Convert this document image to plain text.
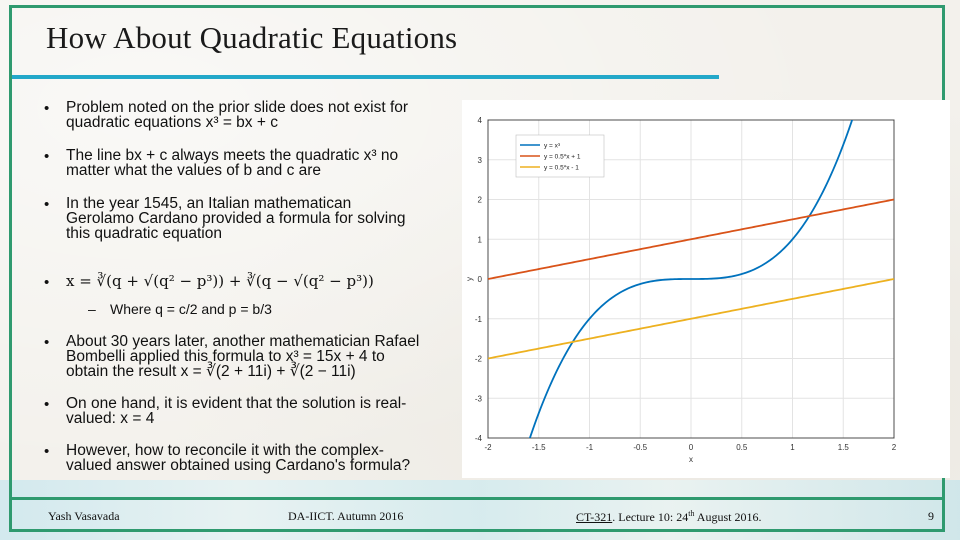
How About Quadratic Equations
• Problem noted on the prior slide does not exist for
quadratic equations x³ = bx + c
• The line bx + c always meets the quadratic x³ no
matter what the values of b and c are
• In the year 1545, an Italian mathematican
Gerolamo Cardano provided a formula for solving
this quadratic equation
• x = ∛(q + √(q² − p³)) + ∛(q − √(q² − p³))
– Where q = c/2 and p = b/3
• About 30 years later, another mathematician Rafael
Bombelli applied this formula to x³ = 15x + 4 to
obtain the result x = ∛(2 + 11i) + ∛(2 − 11i)
• On one hand, it is evident that the solution is real-
valued: x = 4
• However, how to reconcile it with the complex-
valued answer obtained using Cardano's formula?
-2	-1.5	-1	-0.5	0	0.5	1	1.5	2
-4
-3
-2
-1
0
1
2
3
4
x
y
y = x³
y = 0.5*x + 1
y = 0.5*x - 1
Yash Vasavada	DA-IICT. Autumn 2016	CT-321. Lecture 10: 24th August 2016.	9
